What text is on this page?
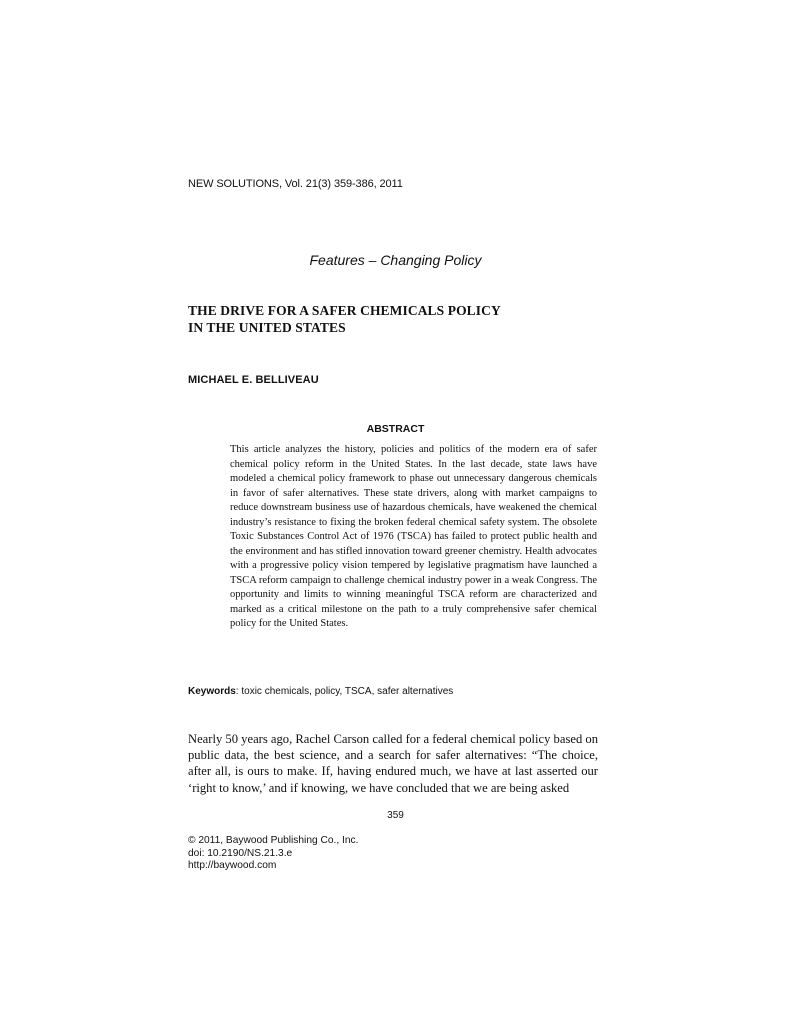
NEW SOLUTIONS, Vol. 21(3) 359-386, 2011
Features – Changing Policy
THE DRIVE FOR A SAFER CHEMICALS POLICY
IN THE UNITED STATES
MICHAEL E. BELLIVEAU
ABSTRACT

This article analyzes the history, policies and politics of the modern era of safer chemical policy reform in the United States. In the last decade, state laws have modeled a chemical policy framework to phase out unnecessary dangerous chemicals in favor of safer alternatives. These state drivers, along with market campaigns to reduce downstream business use of hazardous chemicals, have weakened the chemical industry’s resistance to fixing the broken federal chemical safety system. The obsolete Toxic Substances Control Act of 1976 (TSCA) has failed to protect public health and the environment and has stifled innovation toward greener chemistry. Health advocates with a progressive policy vision tempered by legislative pragmatism have launched a TSCA reform campaign to challenge chemical industry power in a weak Congress. The opportunity and limits to winning meaningful TSCA reform are characterized and marked as a critical milestone on the path to a truly comprehensive safer chemical policy for the United States.

Keywords: toxic chemicals, policy, TSCA, safer alternatives

Nearly 50 years ago, Rachel Carson called for a federal chemical policy based on public data, the best science, and a search for safer alternatives: “The choice, after all, is ours to make. If, having endured much, we have at last asserted our ‘right to know,’ and if knowing, we have concluded that we are being asked

359
© 2011, Baywood Publishing Co., Inc.
doi: 10.2190/NS.21.3.e
http://baywood.com
